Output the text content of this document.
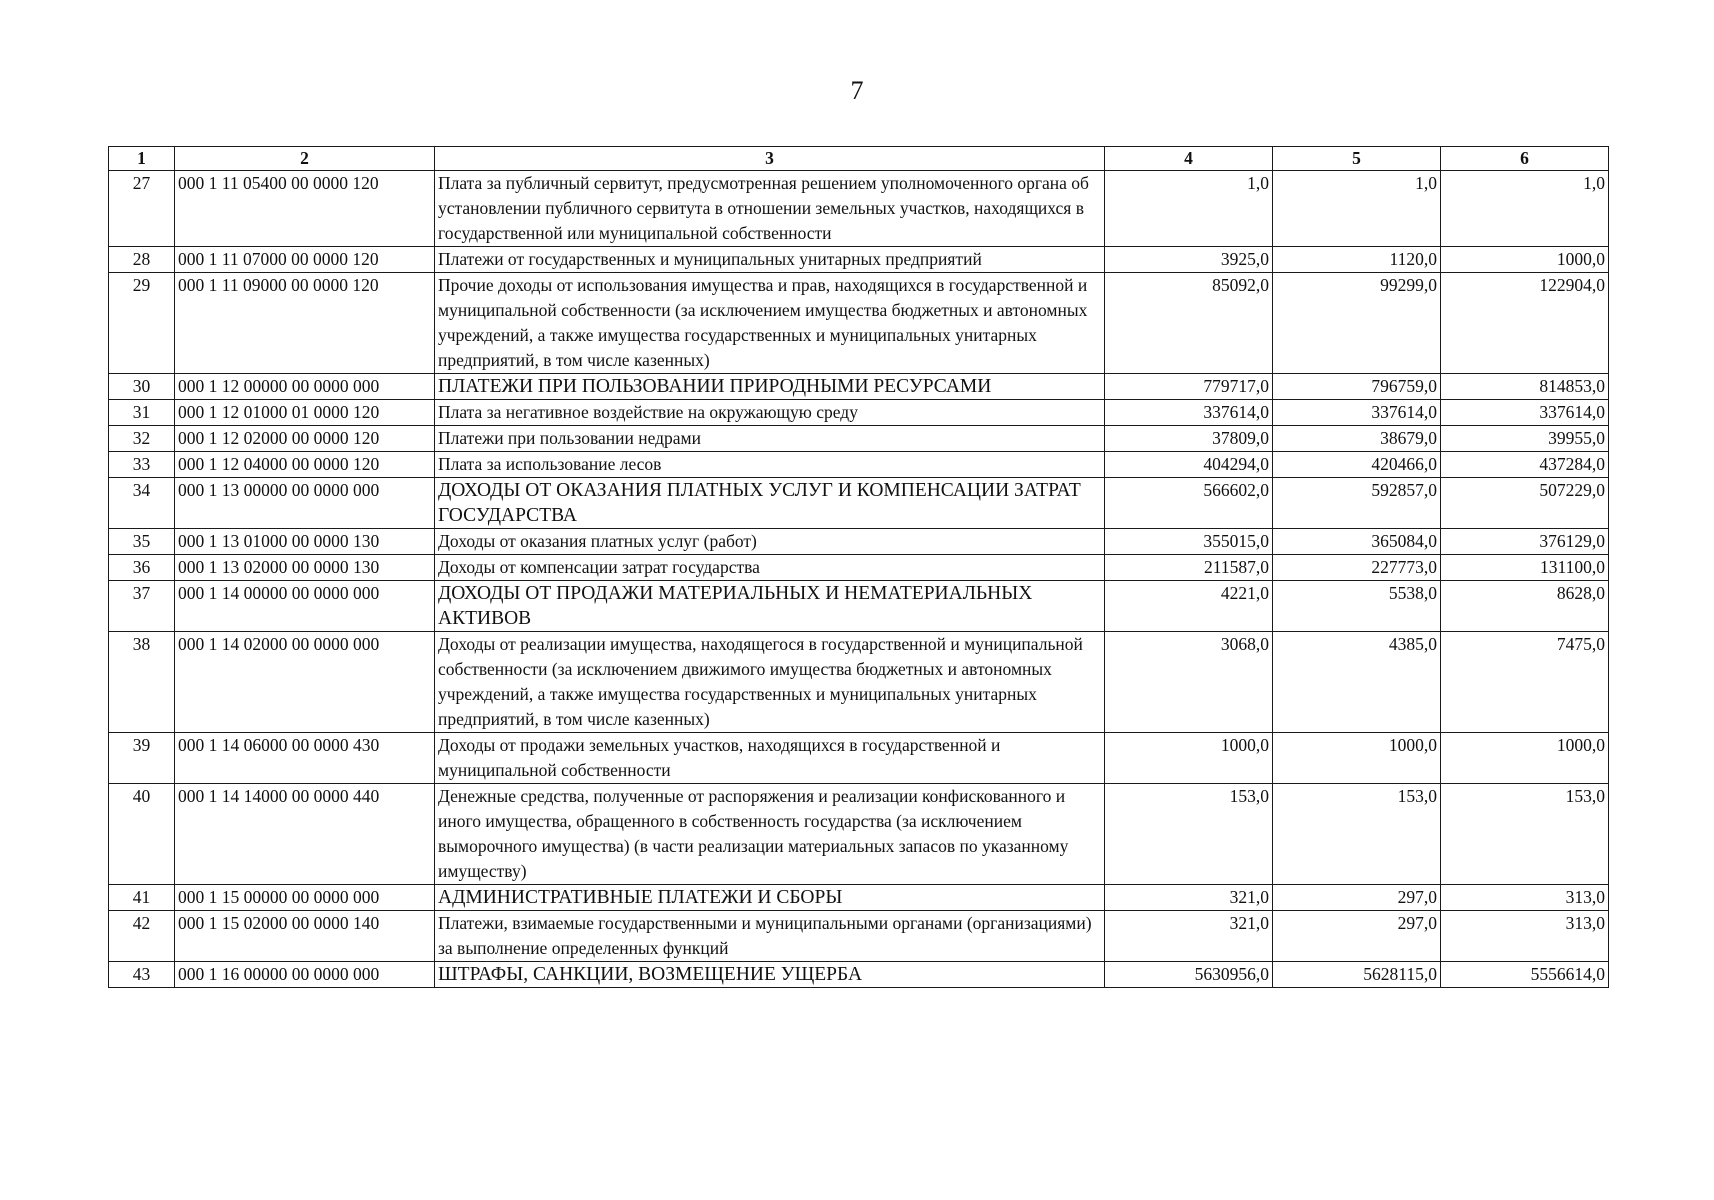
7
1	2	3	4	5	6
27	000 1 11 05400 00 0000 120	Плата за публичный сервитут, предусмотренная решением уполномоченного органа об установлении публичного сервитута в отношении земельных участков, находящихся в государственной или муниципальной собственности	1,0	1,0	1,0
28	000 1 11 07000 00 0000 120	Платежи от государственных и муниципальных унитарных предприятий	3925,0	1120,0	1000,0
29	000 1 11 09000 00 0000 120	Прочие доходы от использования имущества и прав, находящихся в государственной и муниципальной собственности (за исключением имущества бюджетных и автономных учреждений, а также имущества государственных и муниципальных унитарных предприятий, в том числе казенных)	85092,0	99299,0	122904,0
30	000 1 12 00000 00 0000 000	ПЛАТЕЖИ ПРИ ПОЛЬЗОВАНИИ ПРИРОДНЫМИ РЕСУРСАМИ	779717,0	796759,0	814853,0
31	000 1 12 01000 01 0000 120	Плата за негативное воздействие на окружающую среду	337614,0	337614,0	337614,0
32	000 1 12 02000 00 0000 120	Платежи при пользовании недрами	37809,0	38679,0	39955,0
33	000 1 12 04000 00 0000 120	Плата за использование лесов	404294,0	420466,0	437284,0
34	000 1 13 00000 00 0000 000	ДОХОДЫ ОТ ОКАЗАНИЯ ПЛАТНЫХ УСЛУГ И КОМПЕНСАЦИИ ЗАТРАТ ГОСУДАРСТВА	566602,0	592857,0	507229,0
35	000 1 13 01000 00 0000 130	Доходы от оказания платных услуг (работ)	355015,0	365084,0	376129,0
36	000 1 13 02000 00 0000 130	Доходы от компенсации затрат государства	211587,0	227773,0	131100,0
37	000 1 14 00000 00 0000 000	ДОХОДЫ ОТ ПРОДАЖИ МАТЕРИАЛЬНЫХ И НЕМАТЕРИАЛЬНЫХ АКТИВОВ	4221,0	5538,0	8628,0
38	000 1 14 02000 00 0000 000	Доходы от реализации имущества, находящегося в государственной и муниципальной собственности (за исключением движимого имущества бюджетных и автономных учреждений, а также имущества государственных и муниципальных унитарных предприятий, в том числе казенных)	3068,0	4385,0	7475,0
39	000 1 14 06000 00 0000 430	Доходы от продажи земельных участков, находящихся в государственной и муниципальной собственности	1000,0	1000,0	1000,0
40	000 1 14 14000 00 0000 440	Денежные средства, полученные от распоряжения и реализации конфискованного и иного имущества, обращенного в собственность государства (за исключением выморочного имущества) (в части реализации материальных запасов по указанному имуществу)	153,0	153,0	153,0
41	000 1 15 00000 00 0000 000	АДМИНИСТРАТИВНЫЕ ПЛАТЕЖИ И СБОРЫ	321,0	297,0	313,0
42	000 1 15 02000 00 0000 140	Платежи, взимаемые государственными и муниципальными органами (организациями) за выполнение определенных функций	321,0	297,0	313,0
43	000 1 16 00000 00 0000 000	ШТРАФЫ, САНКЦИИ, ВОЗМЕЩЕНИЕ УЩЕРБА	5630956,0	5628115,0	5556614,0
